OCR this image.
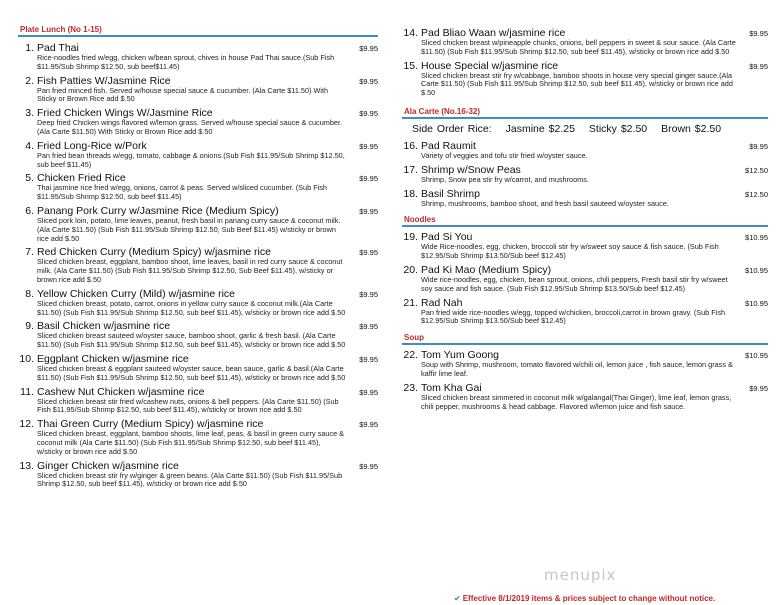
Plate Lunch (No 1-15)
1. Pad Thai	$9.95
Rice-noodles fried w/egg, chicken w/bean sprout, chives in house Pad Thai sauce.(Sub Fish $11.95/Sub Shrimp $12.50, sub beef$11.45)
2. Fish Patties W/Jasmine Rice	$9.95
Pan fried minced fish. Served w/house special sauce & cucumber. (Ala Carte $11.50) With Sticky or Brown Rice add $.50
3. Fried Chicken Wings W/Jasmine Rice	$9.95
Deep fried Chicken wings flavored w/lemon grass. Served w/house special sauce & cucumber.(Ala Carte $11.50) With Sticky or Brown Rice add $.50
4. Fried Long-Rice w/Pork	$9.95
Pan fried bean threads w/egg, tomato, cabbage & onions.(Sub Fish $11.95/Sub Shrimp $12.50, sub beef $11.45)
5. Chicken Fried Rice	$9.95
Thai jasmine rice fried w/egg, onions, carrot & peas. Served w/sliced cucumber. (Sub Fish $11.95/Sub Shrimp $12.50, sub beef $11.45)
6. Panang Pork Curry w/Jasmine Rice (Medium Spicy)	$9.95
Sliced pork loin, potato, lime leaves, peanut, fresh basil in panang curry sauce & coconut milk. (Ala Carte $11.50) (Sub Fish $11.95/Sub Shrimp $12.50, Sub Beef $11.45) w/sticky or brown rice add $.50
7. Red Chicken Curry (Medium Spicy) w/jasmine rice	$9.95
Sliced chicken breast, eggplant, bamboo shoot, lime leaves, basil in red curry sauce & coconut milk. (Ala Carte $11.50) (Sub Fish $11.95/Sub Shrimp $12.50, Sub Beef $11.45), w/sticky or brown rice add $.50
8. Yellow Chicken Curry (Mild) w/jasmine rice	$9.95
Sliced chicken breast, potato, carrot, onions in yellow curry sauce & coconut milk.(Ala Carte $11.50) (Sub Fish $11.95/Sub Shrimp $12.50, sub beef $11.45), w/sticky or brown rice add $.50
9. Basil Chicken w/jasmine rice	$9.95
Sliced chicken breast sauteed w/oyster sauce, bamboo shoot, garlic & fresh basil. (Ala Carte $11.50) (Sub Fish $11.95/Sub Shrimp $12.50, sub beef $11.45), w/sticky or brown rice add $.50
10. Eggplant Chicken w/jasmine rice	$9.95
Sliced chicken breast & eggplant sauteed w/oyster sauce, bean sauce, garlic & basil.(Ala Carte $11.50) (Sub Fish $11.95/Sub Shrimp $12.50, sub beef $11.45), w/sticky or brown rice add $.50
11. Cashew Nut Chicken w/jasmine rice	$9.95
Sliced chicken breast stir fried w/cashew nuts, onions & bell peppers. (Ala Carte $11.50) (Sub Fish $11.95/Sub Shrimp $12.50, sub beef $11.45), w/sticky or brown rice add $.50
12. Thai Green Curry (Medium Spicy) w/jasmine rice	$9.95
Sliced chicken breast, eggplant, bamboo shoots, lime leaf, peas, & basil in green curry sauce & coconut milk (Ala Carte $11.50) (Sub Fish $11.95/Sub Shrimp $12.50, sub beef $11.45), w/sticky or brown rice add $.50
13. Ginger Chicken w/jasmine rice	$9.95
Sliced chicken breast stir fry w/ginger & green beans. (Ala Carte $11.50) (Sub Fish $11.95/Sub Shrimp $12.50, sub beef $11.45), w/sticky or brown rice add $.50
14. Pad Bliao Waan w/jasmine rice	$9.95
Sliced chicken breast w/pineapple chunks, onions, bell peppers in sweet & sour sauce. (Ala Carte $11.50) (Sub Fish $11.95/Sub Shrimp $12.50, sub beef $11.45), w/sticky or brown rice add $.50
15. House Special w/jasmine rice	$9.95
Sliced chicken breast stir fry w/cabbage, bamboo shoots in house very special ginger sauce.(Ala Carte $11.50) (Sub Fish $11.95/Sub Shrimp $12.50, sub beef $11.45), w/sticky or brown rice add $.50
Ala Carte (No.16-32)
Side Order Rice: Jasmine $2.25 Sticky $2.50 Brown $2.50
16. Pad Raumit	$9.95
Variety of veggies and tofu stir fried w/oyster sauce.
17. Shrimp w/Snow Peas	$12.50
Shrimp, Snow pea stir fry w/carrot, and mushrooms.
18. Basil Shrimp	$12.50
Shrimp, mushrooms, bamboo shoot, and fresh basil sauteed w/oyster sauce.
Noodles
19. Pad Si You	$10.95
Wide Rice-noodles, egg, chicken, broccoli stir fry w/sweet soy sauce & fish sauce. (Sub Fish $12.95/Sub Shrimp $13.50/Sub beef $12.45)
20. Pad Ki Mao (Medium Spicy)	$10.95
Wide rice-noodles, egg, chicken, bean sprout, onions, chili peppers, Fresh basil stir fry w/sweet soy sauce and fish sauce. (Sub Fish $12.95/Sub Shrimp $13.50/Sub beef $12.45)
21. Rad Nah	$10.95
Pan fried wide rice-noodles w/egg, topped w/chicken, broccoli,carrot in brown gravy. (Sub Fish $12.95/Sub Shrimp $13.50/Sub beef $12.45)
Soup
22. Tom Yum Goong	$10.95
Soup with Shrimp, mushroom, tomato flavored w/chili oil, lemon juice , fish sauce, lemon grass & kaffir lime leaf.
23. Tom Kha Gai	$9.95
Sliced chicken breast simmered in coconut milk w/galangal(Thai Ginger), lime leaf, lemon grass, chili pepper, mushrooms & head cabbage. Flavored w/lemon juice and fish sauce.
menupix
✔ Effective 8/1/2019 items & prices subject to change without notice.
